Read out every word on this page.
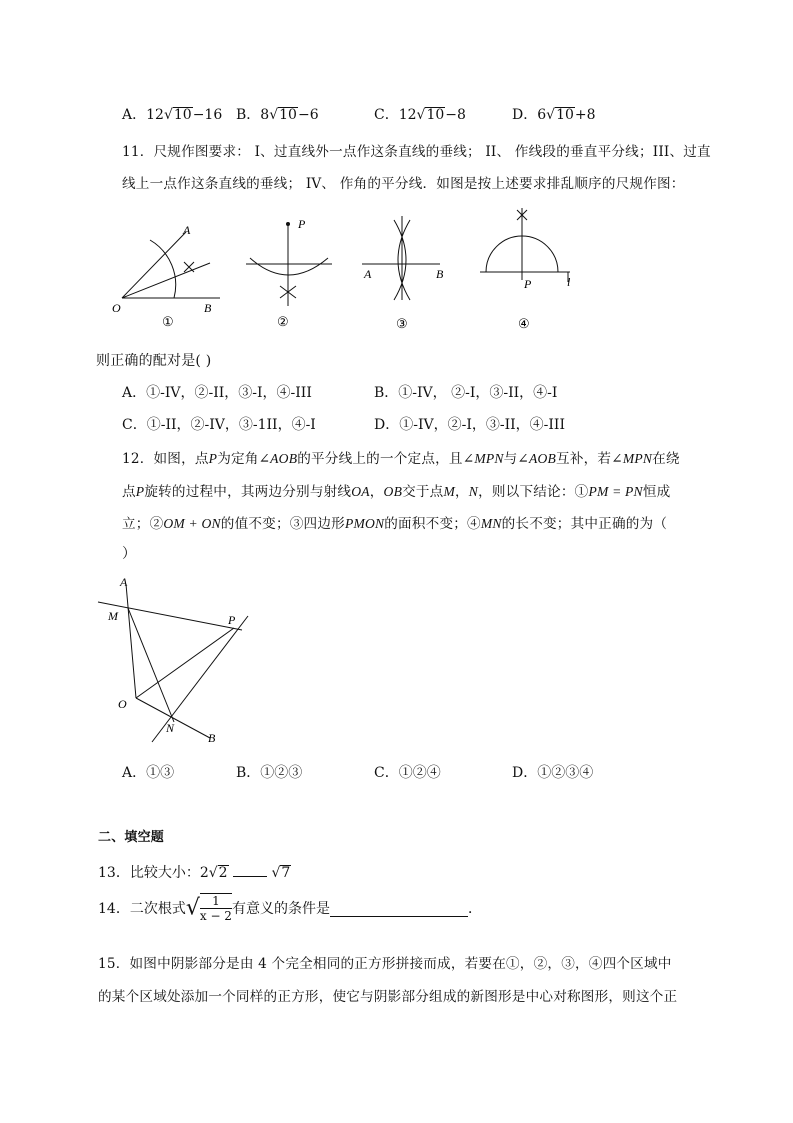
A．12√10−16 B．8√10−6	C．12√10−8	D．6√10+8
11．尺规作图要求： I、过直线外一点作这条直线的垂线； II、 作线段的垂直平分线；III、过直
线上一点作这条直线的垂线； IV、 作角的平分线．如图是按上述要求排乱顺序的尺规作图：
A
B
O
①
P
②
A	B
③
P	l
④
则正确的配对是( )
A．①-IV，②-II，③-I，④-III	B．①-IV， ②-I，③-II，④-I
C．①-II，②-IV，③-1II，④-I	D．①-IV，②-I，③-II，④-III
12．如图，点P为定角∠AOB的平分线上的一个定点，且∠MPN与∠AOB互补，若∠MPN在绕
点P旋转的过程中，其两边分别与射线OA，OB交于点M，N，则以下结论：①PM = PN恒成
立；②OM + ON的值不变；③四边形PMON的面积不变；④MN的长不变；其中正确的为（
）
A
M	P
O
N
B
A．①③	B．①②③	C．①②④	D．①②③④
二、填空题
13．比较大小：2√2	√7
14．二次根式√ $\frac{1}{x - 2}$ 有意义的条件是	．
15．如图中阴影部分是由 4 个完全相同的正方形拼接而成，若要在①，②，③，④四个区域中
的某个区域处添加一个同样的正方形，使它与阴影部分组成的新图形是中心对称图形，则这个正
